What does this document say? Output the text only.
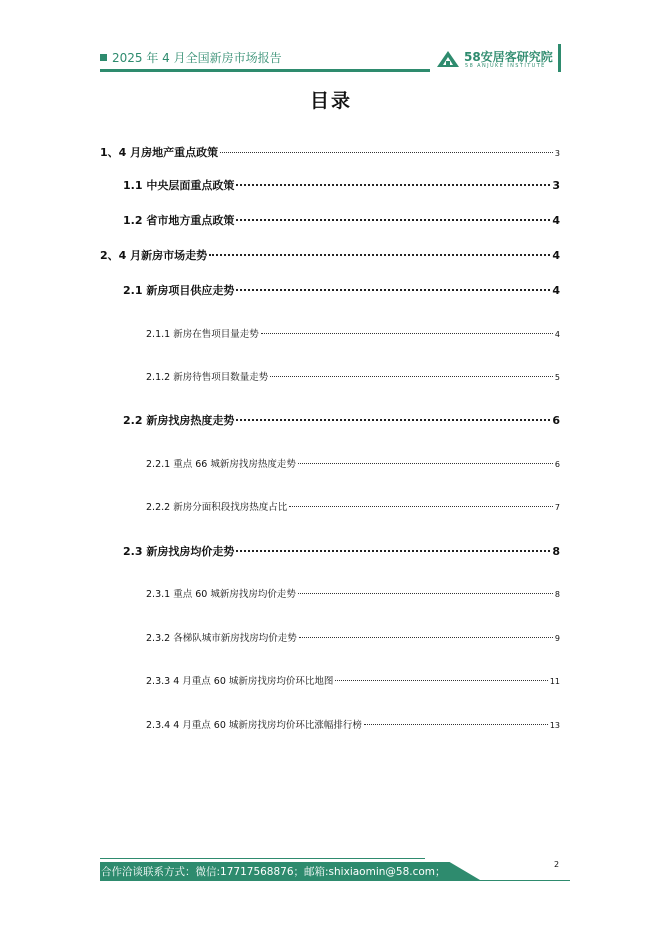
2025 年 4 月全国新房市场报告	58安居客研究院
58 ANJUKE INSTITUTE
目录
1、4 月房地产重点政策	3
1.1 中央层面重点政策	3
1.2 省市地方重点政策	4
2、4 月新房市场走势	4
2.1 新房项目供应走势	4
2.1.1 新房在售项目量走势	4
2.1.2 新房待售项目数量走势	5
2.2 新房找房热度走势	6
2.2.1 重点 66 城新房找房热度走势	6
2.2.2 新房分面积段找房热度占比	7
2.3 新房找房均价走势	8
2.3.1 重点 60 城新房找房均价走势	8
2.3.2 各梯队城市新房找房均价走势	9
2.3.3 4 月重点 60 城新房找房均价环比地图	11
2.3.4 4 月重点 60 城新房找房均价环比涨幅排行榜	13
合作洽谈联系方式：微信:17717568876；邮箱:shixiaomin@58.com；
2
